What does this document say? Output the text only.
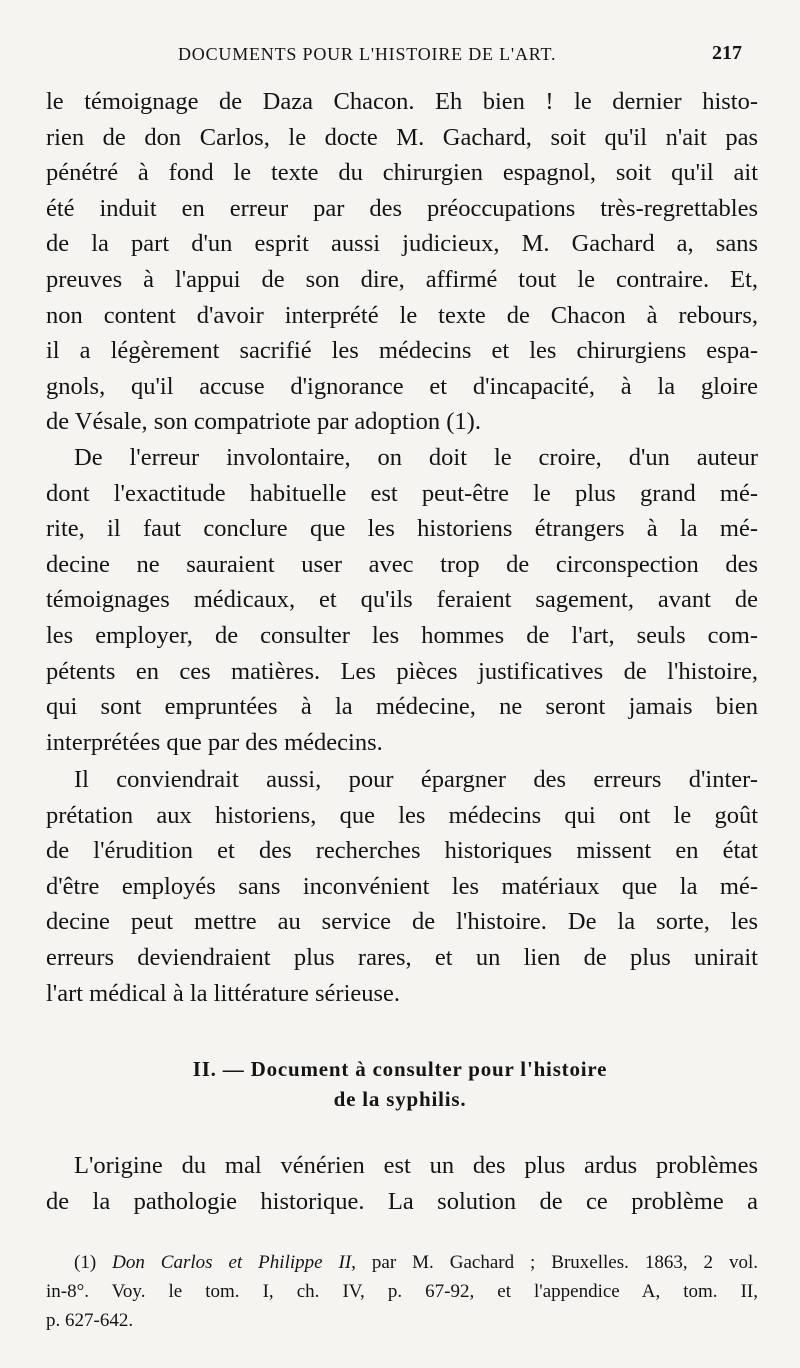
DOCUMENTS POUR L'HISTOIRE DE L'ART.	217
le témoignage de Daza Chacon. Eh bien ! le dernier histo-
rien de don Carlos, le docte M. Gachard, soit qu'il n'ait pas
pénétré à fond le texte du chirurgien espagnol, soit qu'il ait
été induit en erreur par des préoccupations très-regrettables
de la part d'un esprit aussi judicieux, M. Gachard a, sans
preuves à l'appui de son dire, affirmé tout le contraire. Et,
non content d'avoir interprété le texte de Chacon à rebours,
il a légèrement sacrifié les médecins et les chirurgiens espa-
gnols, qu'il accuse d'ignorance et d'incapacité, à la gloire
de Vésale, son compatriote par adoption (1).
De l'erreur involontaire, on doit le croire, d'un auteur
dont l'exactitude habituelle est peut-être le plus grand mé-
rite, il faut conclure que les historiens étrangers à la mé-
decine ne sauraient user avec trop de circonspection des
témoignages médicaux, et qu'ils feraient sagement, avant de
les employer, de consulter les hommes de l'art, seuls com-
pétents en ces matières. Les pièces justificatives de l'histoire,
qui sont empruntées à la médecine, ne seront jamais bien
interprétées que par des médecins.
Il conviendrait aussi, pour épargner des erreurs d'inter-
prétation aux historiens, que les médecins qui ont le goût
de l'érudition et des recherches historiques missent en état
d'être employés sans inconvénient les matériaux que la mé-
decine peut mettre au service de l'histoire. De la sorte, les
erreurs deviendraient plus rares, et un lien de plus unirait
l'art médical à la littérature sérieuse.
II. — Document à consulter pour l'histoire
de la syphilis.
L'origine du mal vénérien est un des plus ardus problèmes
de la pathologie historique. La solution de ce problème a
(1) Don Carlos et Philippe II, par M. Gachard ; Bruxelles. 1863, 2 vol.
in-8°. Voy. le tom. I, ch. IV, p. 67-92, et l'appendice A, tom. II,
p. 627-642.
